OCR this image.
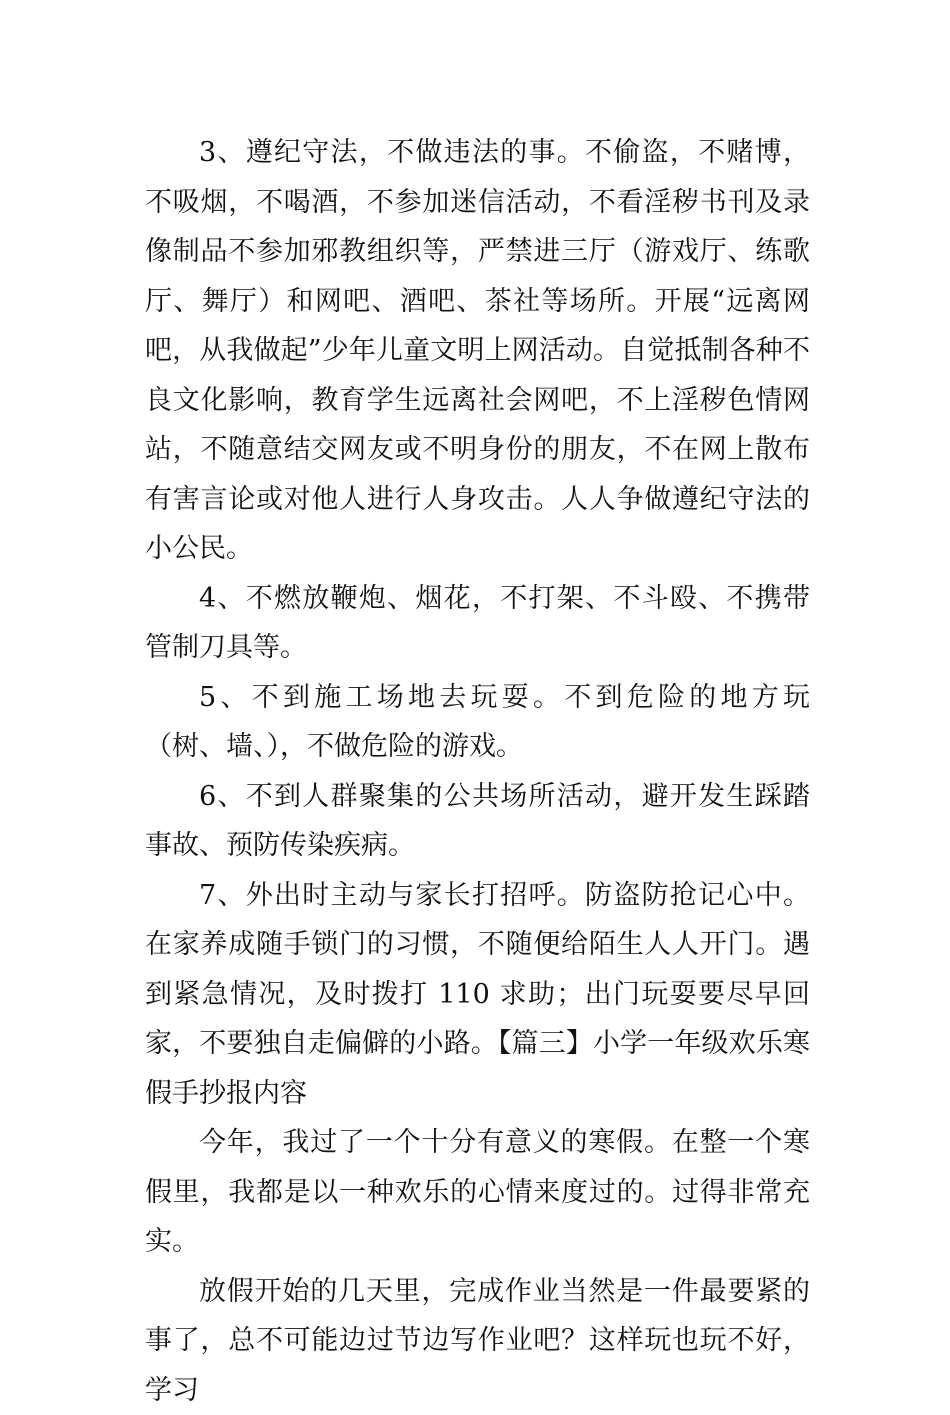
3、遵纪守法，不做违法的事。不偷盗，不赌博，不吸烟，不喝酒，不参加迷信活动，不看淫秽书刊及录像制品不参加邪教组织等，严禁进三厅（游戏厅、练歌厅、舞厅）和网吧、酒吧、茶社等场所。开展“远离网吧，从我做起”少年儿童文明上网活动。自觉抵制各种不良文化影响，教育学生远离社会网吧，不上淫秽色情网站，不随意结交网友或不明身份的朋友，不在网上散布有害言论或对他人进行人身攻击。人人争做遵纪守法的小公民。

4、不燃放鞭炮、烟花，不打架、不斗殴、不携带管制刀具等。

5、不到施工场地去玩耍。不到危险的地方玩（树、墙、），不做危险的游戏。

6、不到人群聚集的公共场所活动，避开发生踩踏事故、预防传染疾病。

7、外出时主动与家长打招呼。防盗防抢记心中。在家养成随手锁门的习惯，不随便给陌生人人开门。遇到紧急情况，及时拨打 110 求助；出门玩耍要尽早回家，不要独自走偏僻的小路。【篇三】小学一年级欢乐寒假手抄报内容

今年，我过了一个十分有意义的寒假。在整一个寒假里，我都是以一种欢乐的心情来度过的。过得非常充实。

放假开始的几天里，完成作业当然是一件最要紧的事了，总不可能边过节边写作业吧？这样玩也玩不好，学习
